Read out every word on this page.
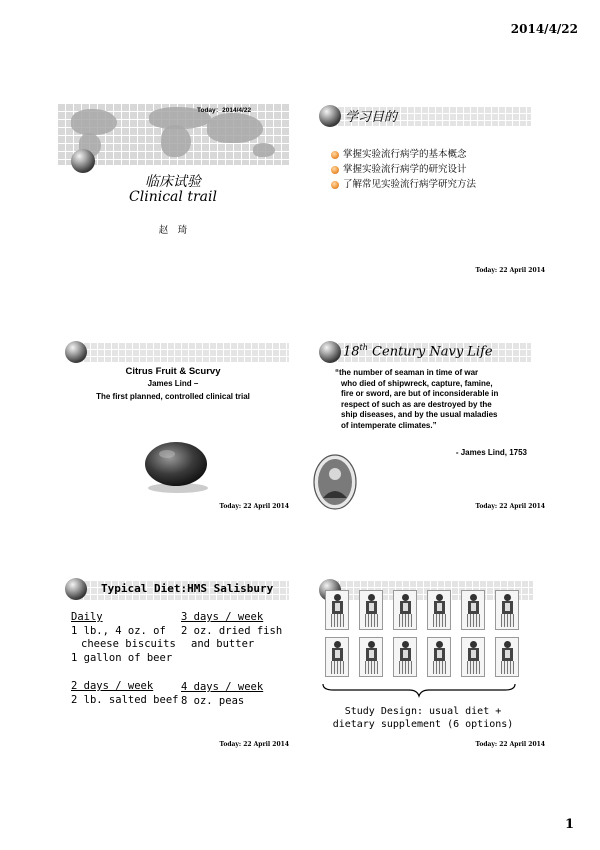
2014/4/22
Today：2014/4/22
临床试验
Clinical trail
赵　琦
学习目的
掌握实验流行病学的基本概念
掌握实验流行病学的研究设计
了解常见实验流行病学研究方法
Today: 22 April 2014
Citrus Fruit & Scurvy
James Lind –
The first planned, controlled clinical trial
Today: 22 April 2014
18th Century Navy Life
“the number of seaman in time of war
who died of shipwreck, capture, famine,
fire or sword, are but of inconsiderable in
respect of such as are destroyed by the
ship diseases, and by the usual maladies
of intemperate climates.”
- James Lind, 1753
Today: 22 April 2014
Typical Diet:HMS Salisbury
Daily
1 lb., 4 oz. of
cheese biscuits
1 gallon of beer
3 days / week
2 oz. dried fish
and butter
2 days / week
2 lb. salted beef
4 days / week
8 oz. peas
Today: 22 April 2014
Study Design: usual diet +
dietary supplement (6 options)
Today: 22 April 2014
1
